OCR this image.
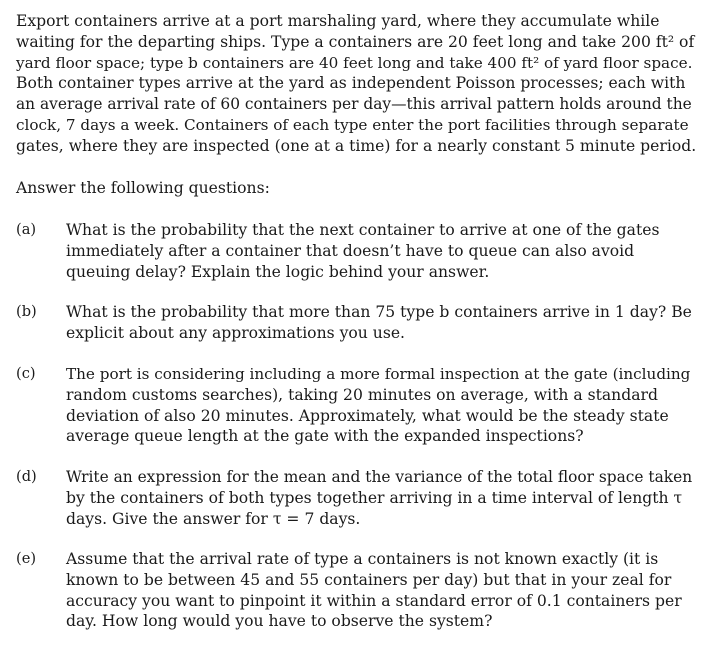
Export containers arrive at a port marshaling yard, where they accumulate while
waiting for the departing ships. Type a containers are 20 feet long and take 200 ft² of
yard floor space; type b containers are 40 feet long and take 400 ft² of yard floor space.
Both container types arrive at the yard as independent Poisson processes; each with
an average arrival rate of 60 containers per day—this arrival pattern holds around the
clock, 7 days a week. Containers of each type enter the port facilities through separate
gates, where they are inspected (one at a time) for a nearly constant 5 minute period.
Answer the following questions:
(a) What is the probability that the next container to arrive at one of the gates
immediately after a container that doesn’t have to queue can also avoid
queuing delay? Explain the logic behind your answer.
(b) What is the probability that more than 75 type b containers arrive in 1 day? Be
explicit about any approximations you use.
(c) The port is considering including a more formal inspection at the gate (including
random customs searches), taking 20 minutes on average, with a standard
deviation of also 20 minutes. Approximately, what would be the steady state
average queue length at the gate with the expanded inspections?
(d) Write an expression for the mean and the variance of the total floor space taken
by the containers of both types together arriving in a time interval of length τ
days. Give the answer for τ = 7 days.
(e) Assume that the arrival rate of type a containers is not known exactly (it is
known to be between 45 and 55 containers per day) but that in your zeal for
accuracy you want to pinpoint it within a standard error of 0.1 containers per
day. How long would you have to observe the system?
